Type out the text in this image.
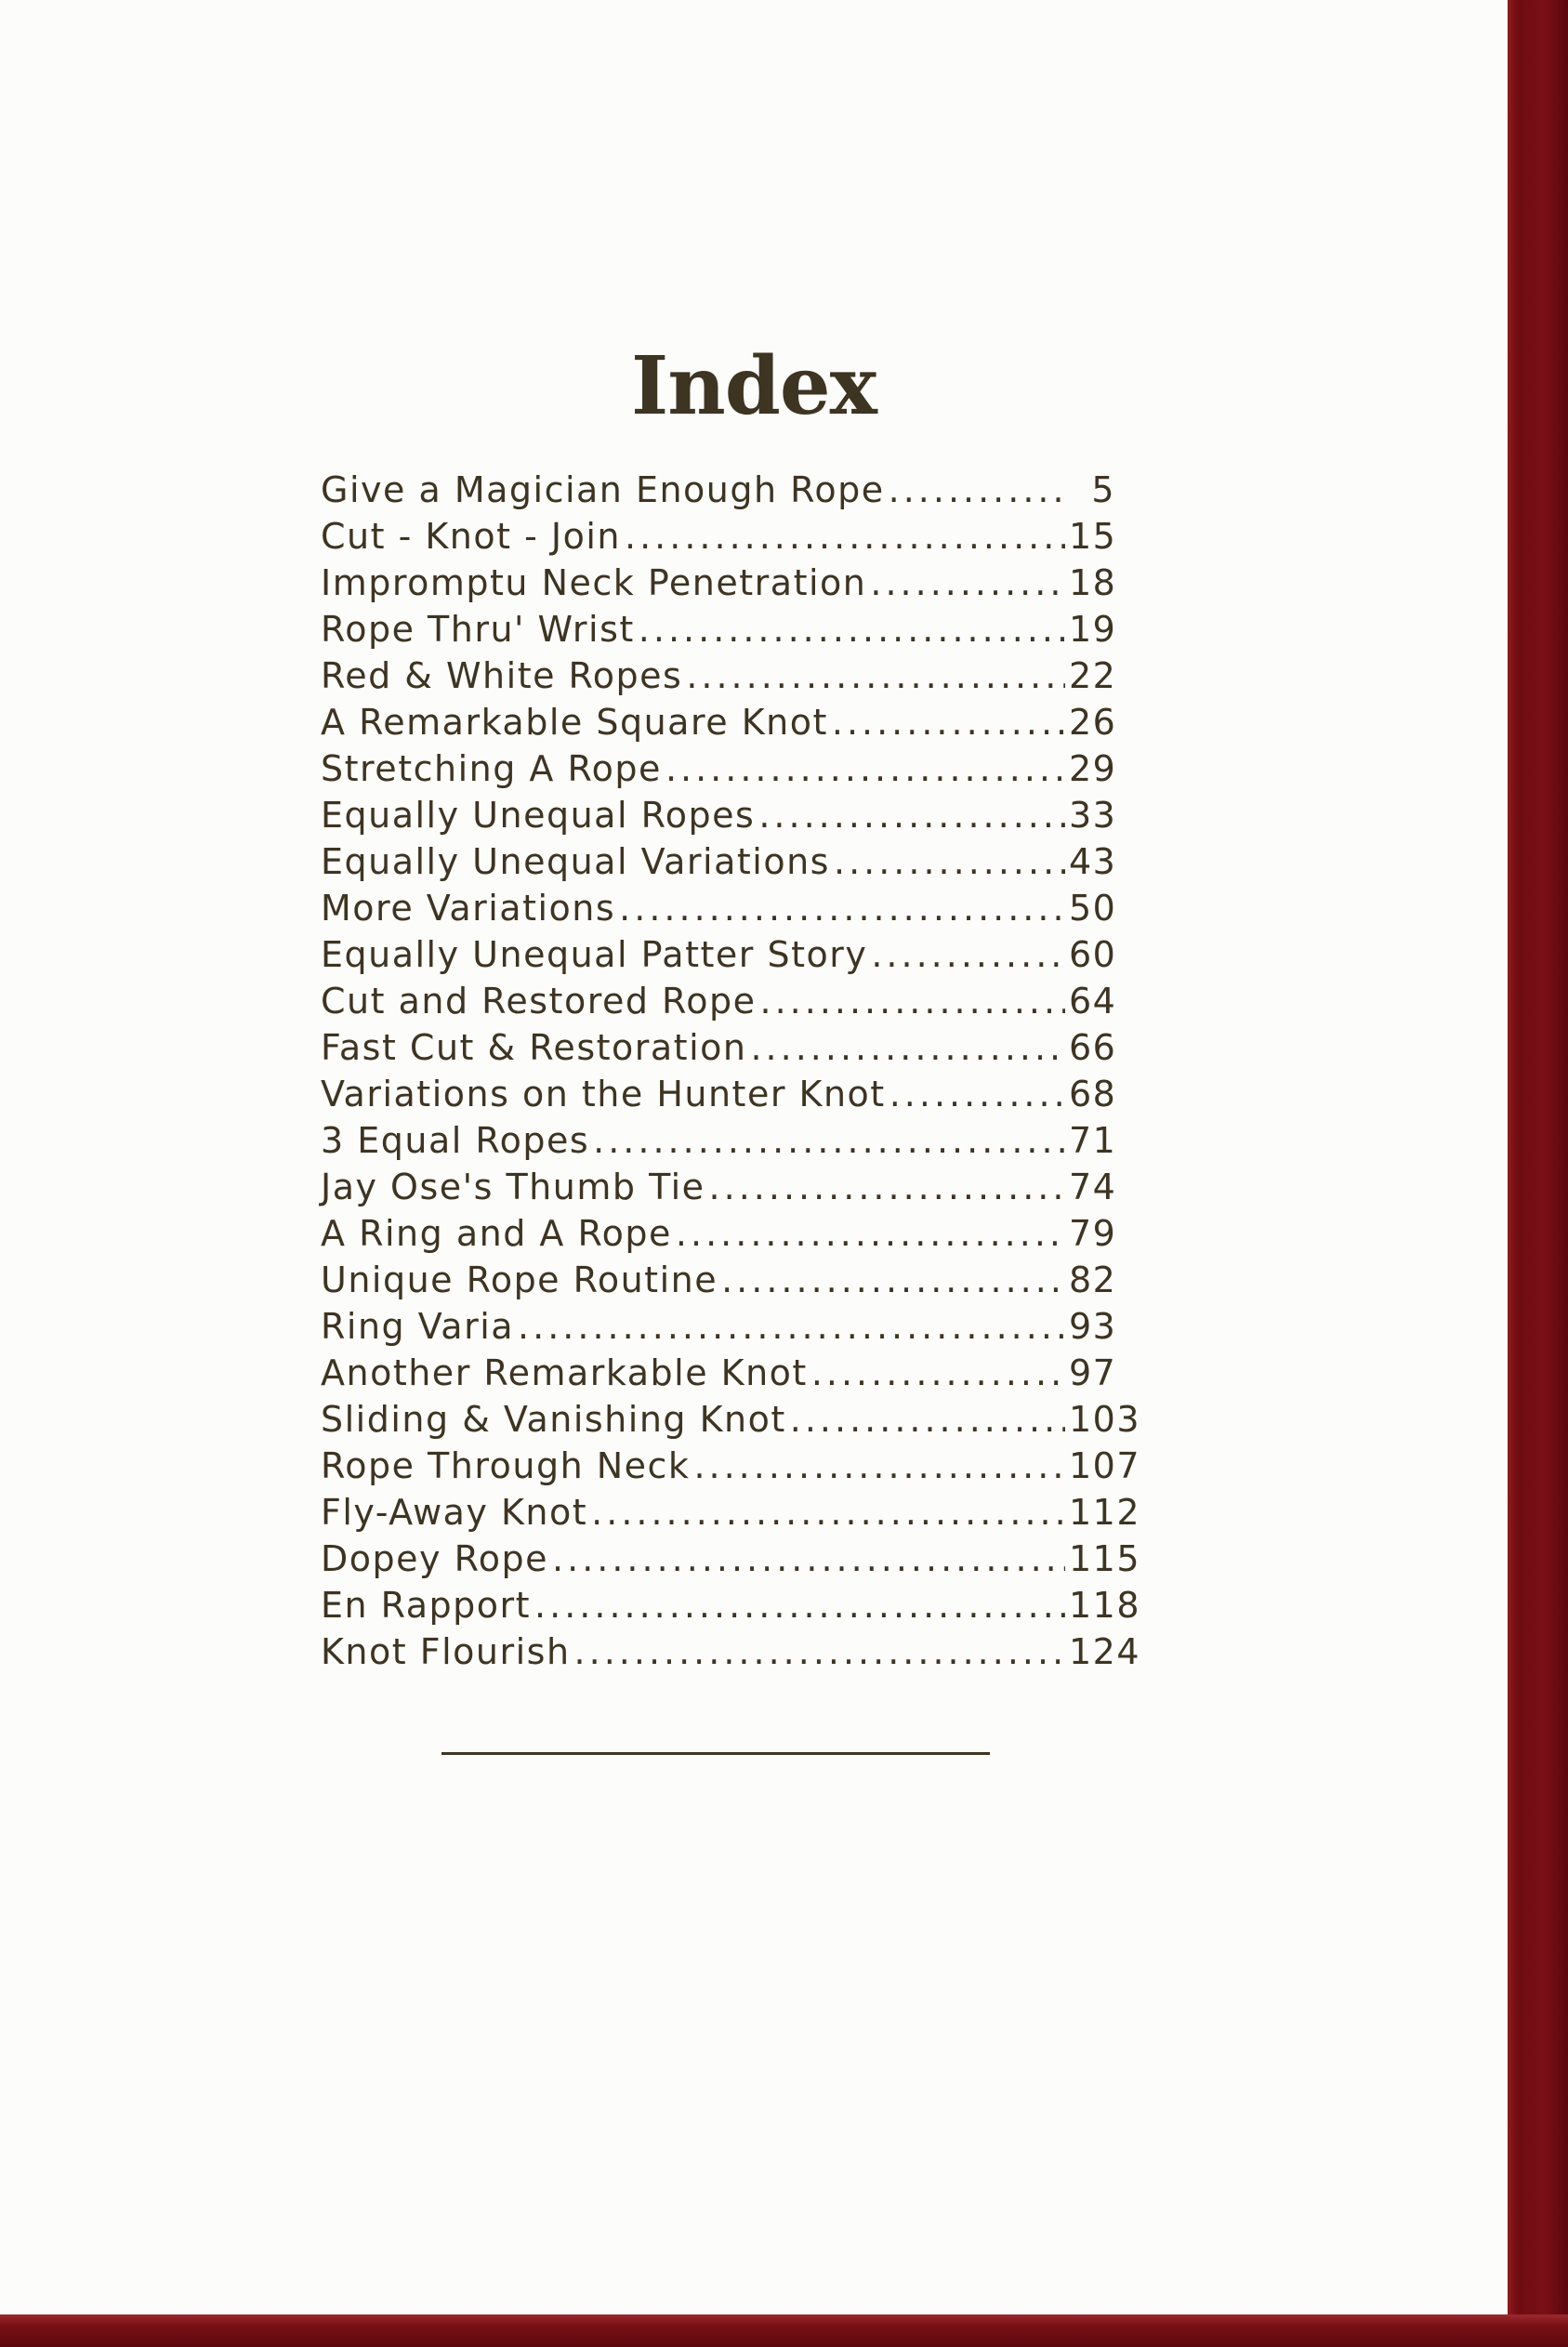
Index
Give a Magician Enough Rope .....	5
Cut - Knot - Join .....	15
Impromptu Neck Penetration .....	18
Rope Thru' Wrist .....	19
Red & White Ropes .....	22
A Remarkable Square Knot .....	26
Stretching A Rope .....	29
Equally Unequal Ropes .....	33
Equally Unequal Variations .....	43
More Variations .....	50
Equally Unequal Patter Story .....	60
Cut and Restored Rope .....	64
Fast Cut & Restoration .....	66
Variations on the Hunter Knot .....	68
3 Equal Ropes .....	71
Jay Ose's Thumb Tie .....	74
A Ring and A Rope .....	79
Unique Rope Routine .....	82
Ring Varia .....	93
Another Remarkable Knot .....	97
Sliding & Vanishing Knot .....	103
Rope Through Neck .....	107
Fly-Away Knot .....	112
Dopey Rope .....	115
En Rapport .....	118
Knot Flourish .....	124
